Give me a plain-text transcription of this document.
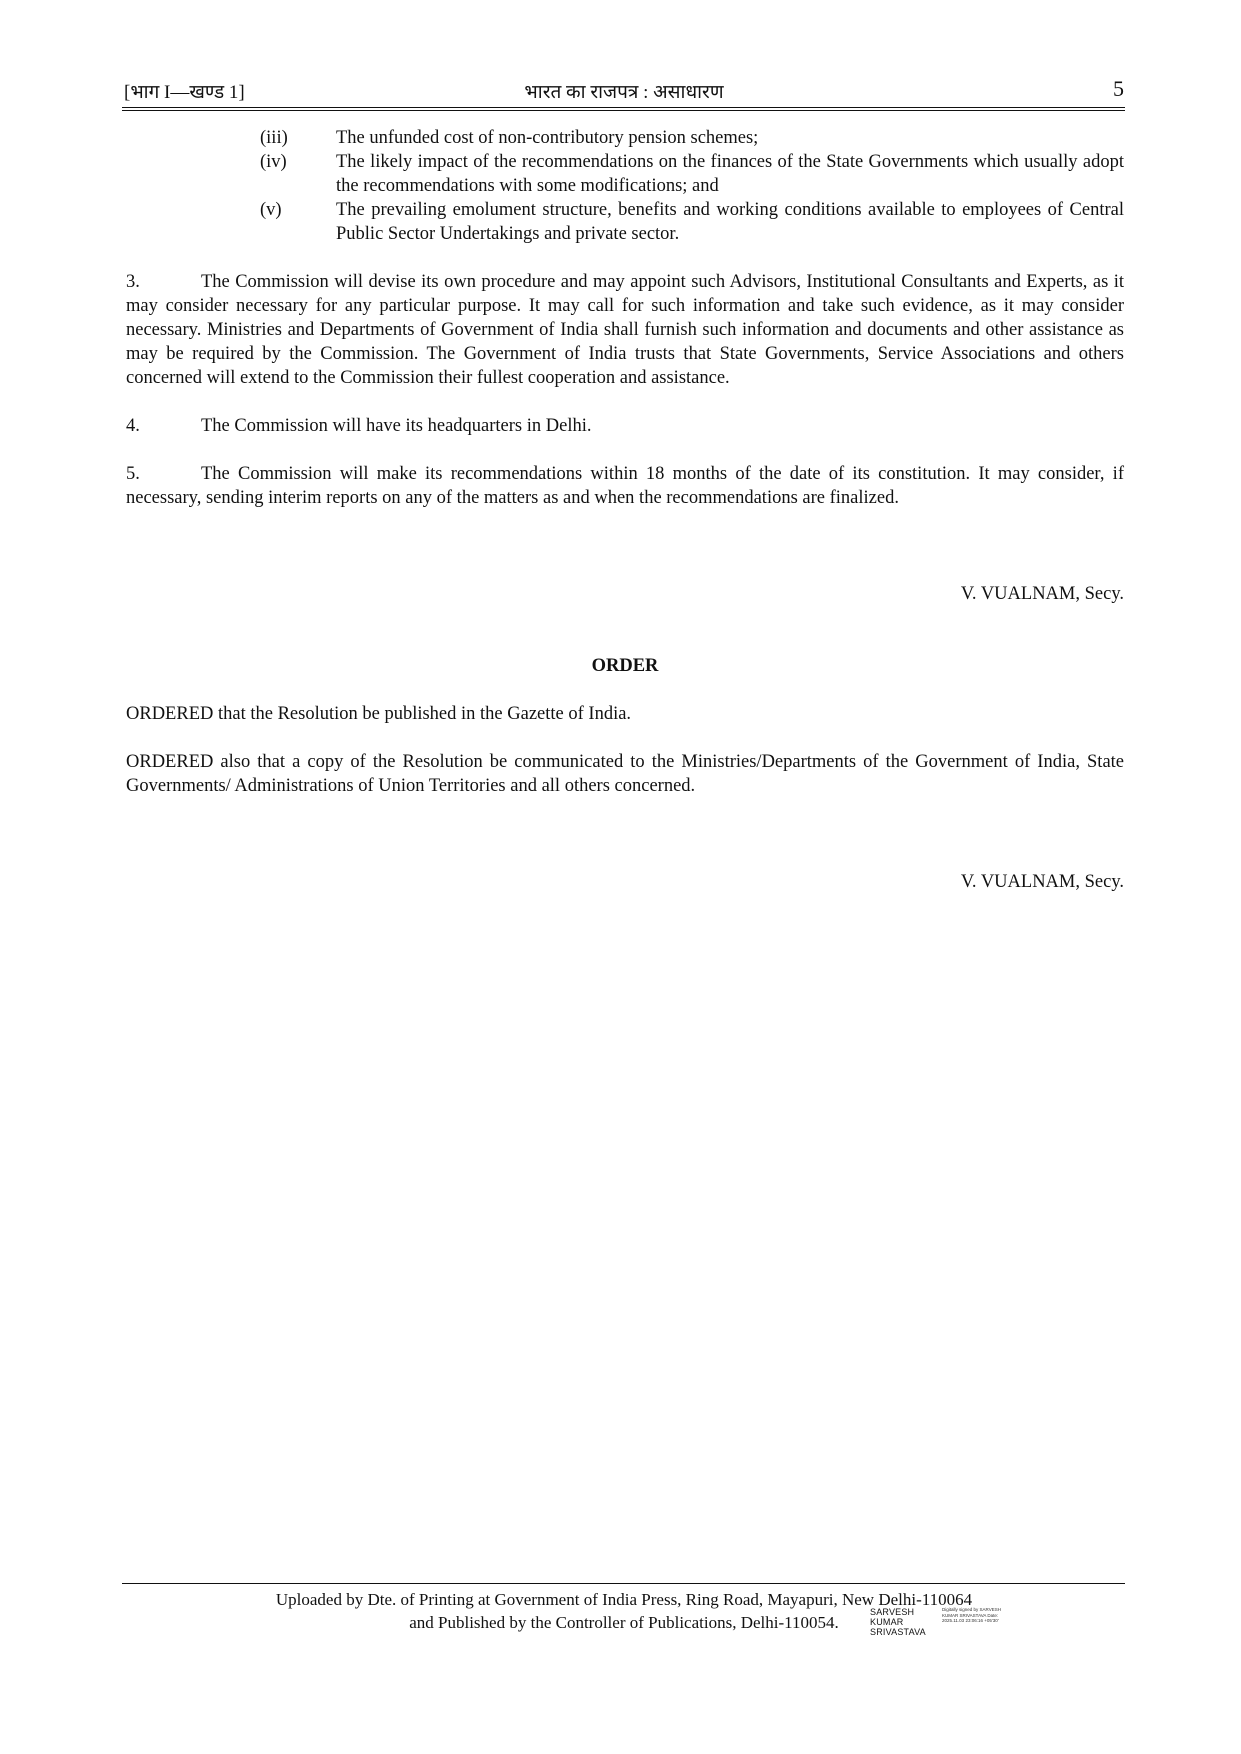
[भाग I—खण्ड 1]	भारत का राजपत्र : असाधारण	5
(iii)	The unfunded cost of non-contributory pension schemes;
(iv)	The likely impact of the recommendations on the finances of the State Governments which usually adopt the recommendations with some modifications; and
(v)	The prevailing emolument structure, benefits and working conditions available to employees of Central Public Sector Undertakings and private sector.

3.	The Commission will devise its own procedure and may appoint such Advisors, Institutional Consultants and Experts, as it may consider necessary for any particular purpose. It may call for such information and take such evidence, as it may consider necessary. Ministries and Departments of Government of India shall furnish such information and documents and other assistance as may be required by the Commission. The Government of India trusts that State Governments, Service Associations and others concerned will extend to the Commission their fullest cooperation and assistance.

4.	The Commission will have its headquarters in Delhi.

5.	The Commission will make its recommendations within 18 months of the date of its constitution. It may consider, if necessary, sending interim reports on any of the matters as and when the recommendations are finalized.

V. VUALNAM, Secy.

ORDER

ORDERED that the Resolution be published in the Gazette of India.

ORDERED also that a copy of the Resolution be communicated to the Ministries/Departments of the Government of India, State Governments/ Administrations of Union Territories and all others concerned.

V. VUALNAM, Secy.

Uploaded by Dte. of Printing at Government of India Press, Ring Road, Mayapuri, New Delhi-110064
and Published by the Controller of Publications, Delhi-110054.
SARVESH KUMAR SRIVASTAVA
Digitally signed by SARVESH KUMAR SRIVASTAVA Date: 2025.11.03 23:06:16 +05'30'
